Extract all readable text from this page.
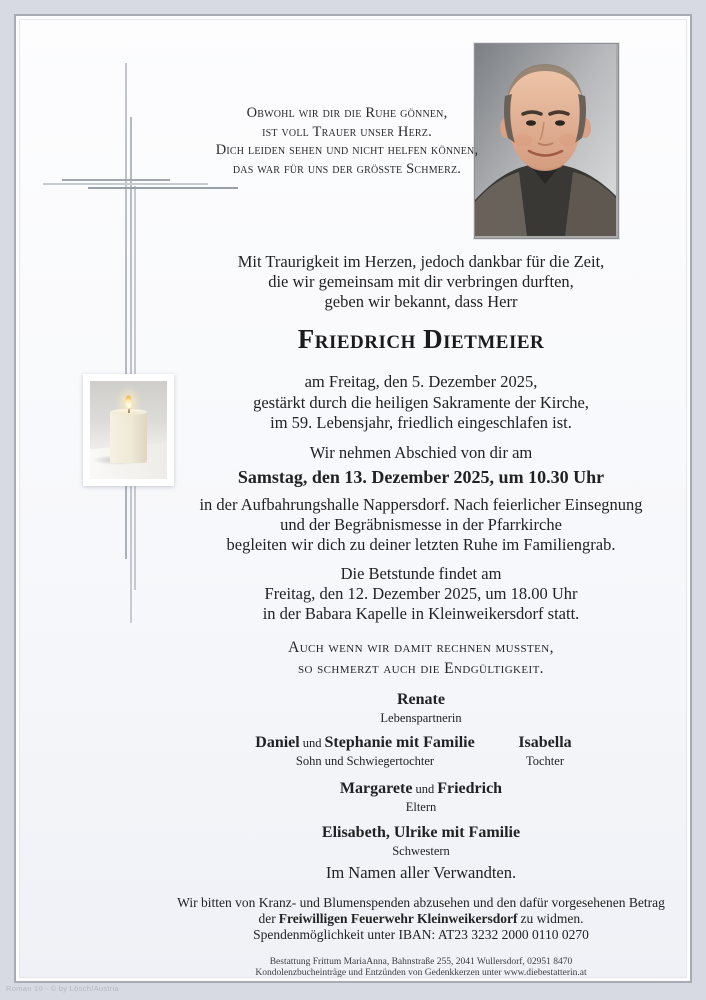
Obwohl wir dir die Ruhe gönnen,
ist voll Trauer unser Herz.
Dich leiden sehen und nicht helfen können,
das war für uns der größte Schmerz.
Mit Traurigkeit im Herzen, jedoch dankbar für die Zeit,
die wir gemeinsam mit dir verbringen durften,
geben wir bekannt, dass Herr
Friedrich Dietmeier
am Freitag, den 5. Dezember 2025,
gestärkt durch die heiligen Sakramente der Kirche,
im 59. Lebensjahr, friedlich eingeschlafen ist.
Wir nehmen Abschied von dir am
Samstag, den 13. Dezember 2025, um 10.30 Uhr
in der Aufbahrungshalle Nappersdorf. Nach feierlicher Einsegnung
und der Begräbnismesse in der Pfarrkirche
begleiten wir dich zu deiner letzten Ruhe im Familiengrab.
Die Betstunde findet am
Freitag, den 12. Dezember 2025, um 18.00 Uhr
in der Babara Kapelle in Kleinweikersdorf statt.
Auch wenn wir damit rechnen mussten,
so schmerzt auch die Endgültigkeit.
Renate
Lebenspartnerin
Daniel und Stephanie mit Familie
Sohn und Schwiegertochter
Isabella
Tochter
Margarete und Friedrich
Eltern
Elisabeth, Ulrike mit Familie
Schwestern
Im Namen aller Verwandten.
Wir bitten von Kranz- und Blumenspenden abzusehen und den dafür vorgesehenen Betrag
der Freiwilligen Feuerwehr Kleinweikersdorf zu widmen.
Spendenmöglichkeit unter IBAN: AT23 3232 2000 0110 0270
Bestattung Frittum MariaAnna, Bahnstraße 255, 2041 Wullersdorf, 02951 8470
Kondolenzbucheinträge und Entzünden von Gedenkkerzen unter www.diebestatterin.at
Roman 10 - © by Lösch/Austria
